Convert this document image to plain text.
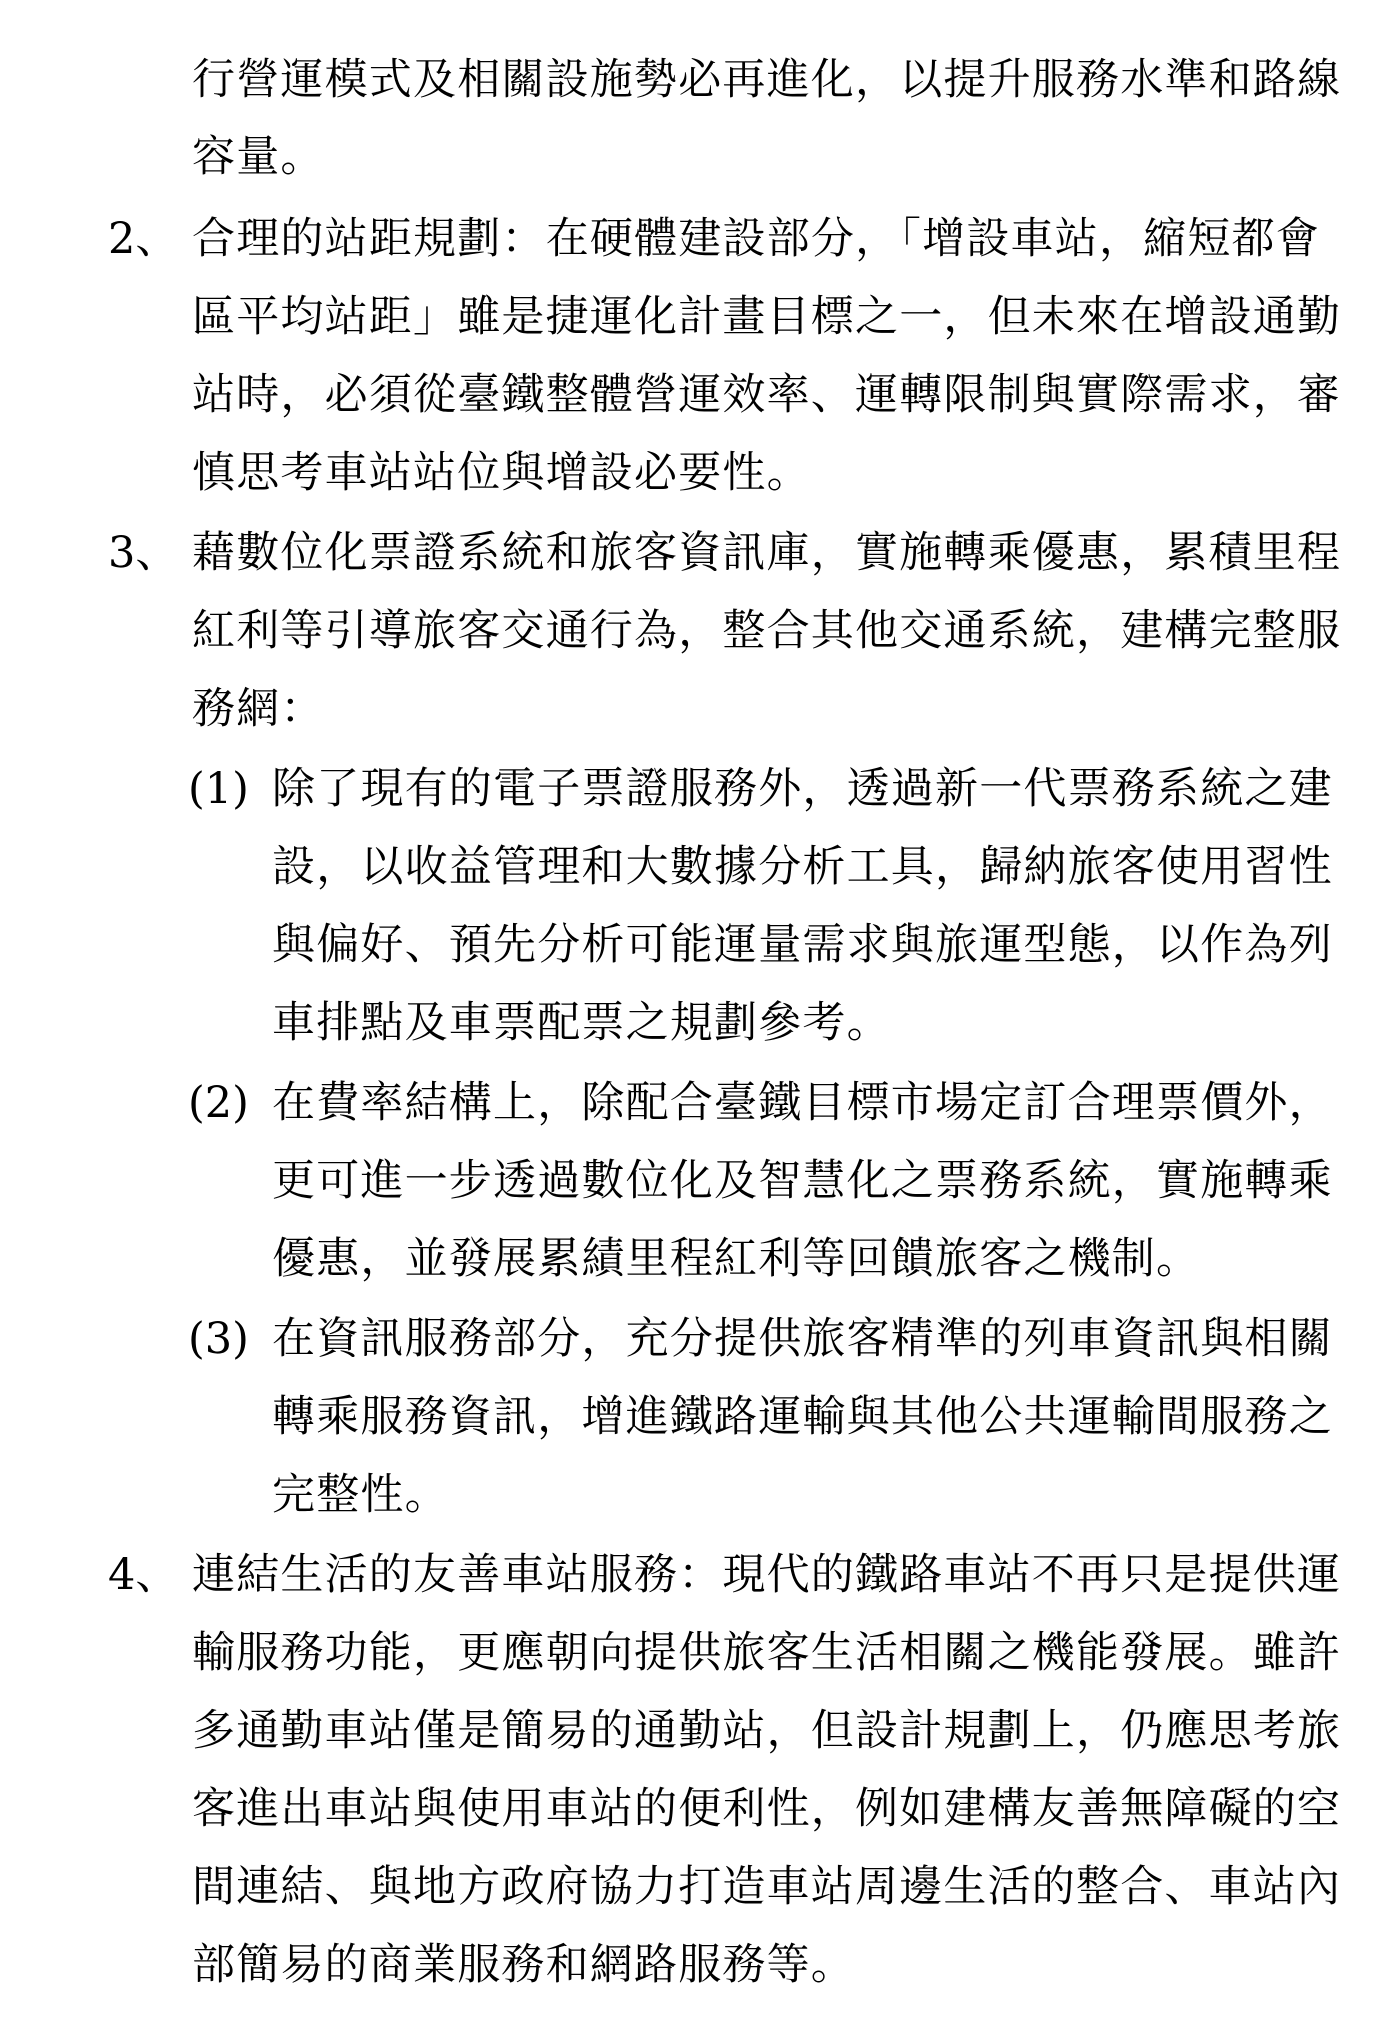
行營運模式及相關設施勢必再進化，以提升服務水準和路線
容量。
2、 合理的站距規劃：在硬體建設部分，「增設車站，縮短都會
區平均站距」雖是捷運化計畫目標之一，但未來在增設通勤
站時，必須從臺鐵整體營運效率、運轉限制與實際需求，審
慎思考車站站位與增設必要性。
3、 藉數位化票證系統和旅客資訊庫，實施轉乘優惠，累積里程
紅利等引導旅客交通行為，整合其他交通系統，建構完整服
務網：
(1) 除了現有的電子票證服務外，透過新一代票務系統之建
設，以收益管理和大數據分析工具，歸納旅客使用習性
與偏好、預先分析可能運量需求與旅運型態，以作為列
車排點及車票配票之規劃參考。
(2) 在費率結構上，除配合臺鐵目標市場定訂合理票價外，
更可進一步透過數位化及智慧化之票務系統，實施轉乘
優惠，並發展累績里程紅利等回饋旅客之機制。
(3) 在資訊服務部分，充分提供旅客精準的列車資訊與相關
轉乘服務資訊，增進鐵路運輸與其他公共運輸間服務之
完整性。
4、 連結生活的友善車站服務：現代的鐵路車站不再只是提供運
輸服務功能，更應朝向提供旅客生活相關之機能發展。雖許
多通勤車站僅是簡易的通勤站，但設計規劃上，仍應思考旅
客進出車站與使用車站的便利性，例如建構友善無障礙的空
間連結、與地方政府協力打造車站周邊生活的整合、車站內
部簡易的商業服務和網路服務等。
